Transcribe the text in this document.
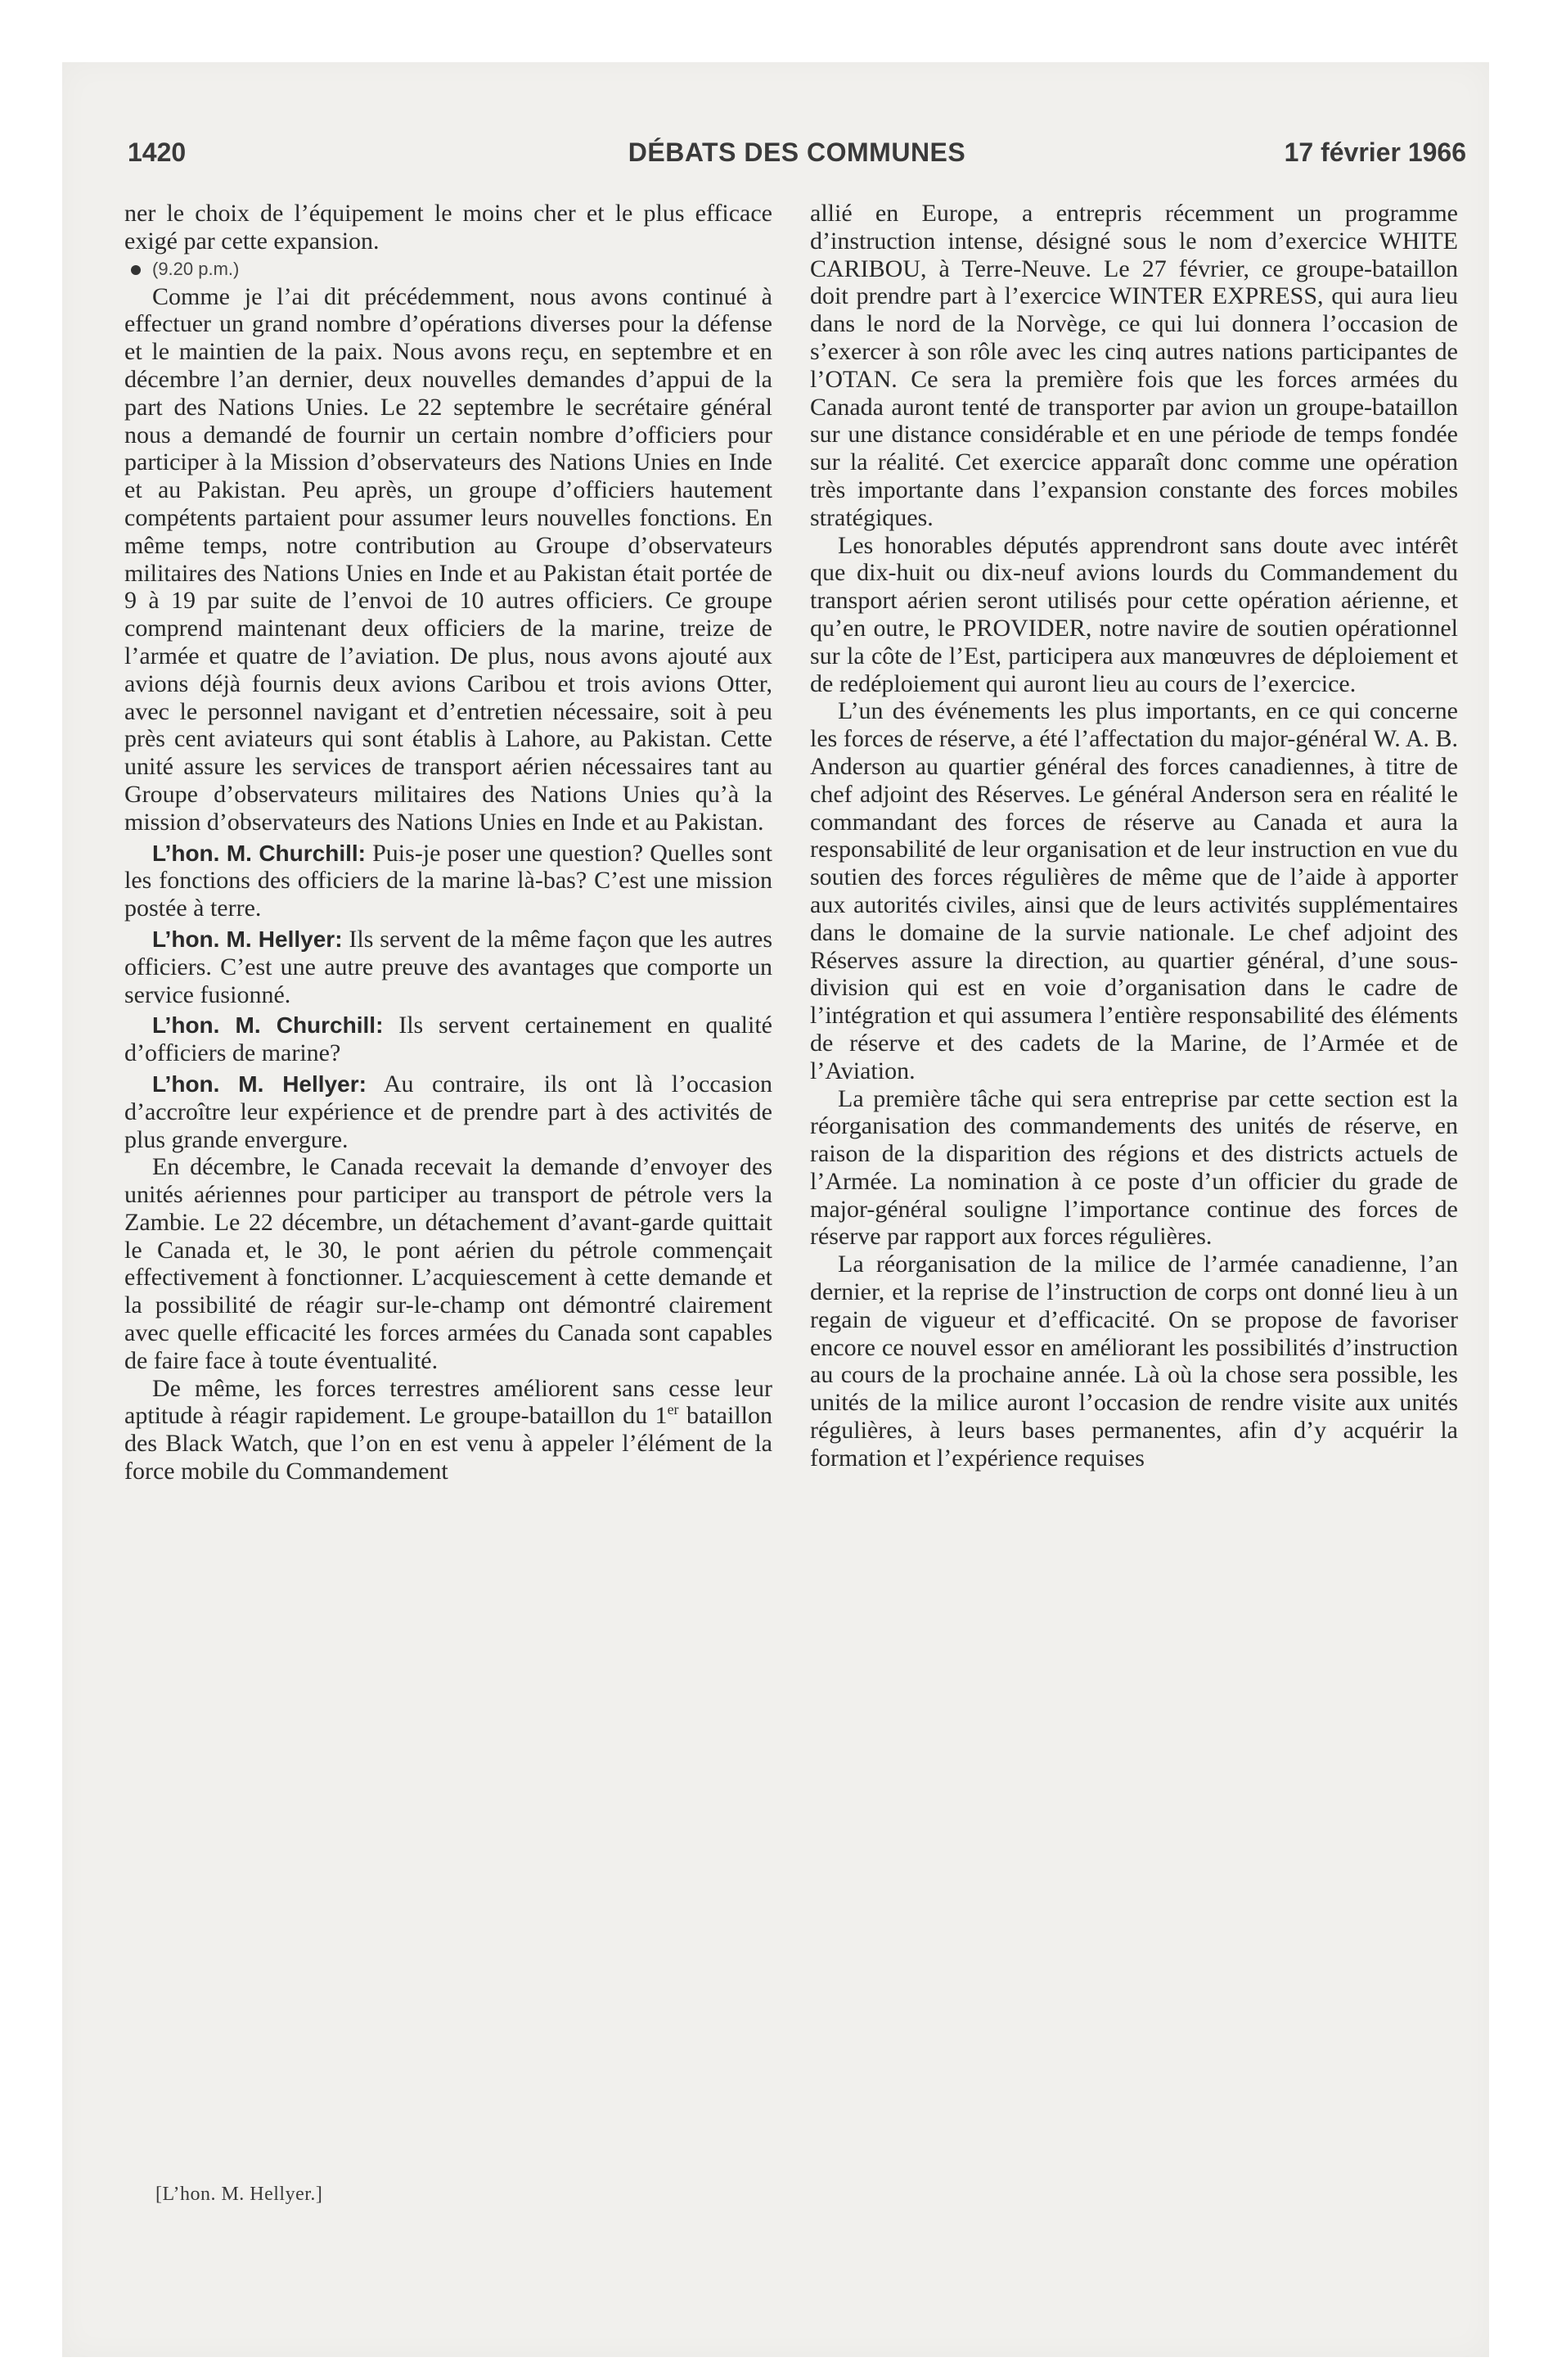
1420	DÉBATS DES COMMUNES	17 février 1966

ner le choix de l’équipement le moins cher et le plus efficace exigé par cette expansion.

(9.20 p.m.)

Comme je l’ai dit précédemment, nous avons continué à effectuer un grand nombre d’opérations diverses pour la défense et le maintien de la paix. Nous avons reçu, en septembre et en décembre l’an dernier, deux nouvelles demandes d’appui de la part des Nations Unies. Le 22 septembre le secrétaire général nous a demandé de fournir un certain nombre d’officiers pour participer à la Mission d’observateurs des Nations Unies en Inde et au Pakistan. Peu après, un groupe d’officiers hautement compétents partaient pour assumer leurs nouvelles fonctions. En même temps, notre contribution au Groupe d’observateurs militaires des Nations Unies en Inde et au Pakistan était portée de 9 à 19 par suite de l’envoi de 10 autres officiers. Ce groupe comprend maintenant deux officiers de la marine, treize de l’armée et quatre de l’aviation. De plus, nous avons ajouté aux avions déjà fournis deux avions Caribou et trois avions Otter, avec le personnel navigant et d’entretien nécessaire, soit à peu près cent aviateurs qui sont établis à Lahore, au Pakistan. Cette unité assure les services de transport aérien nécessaires tant au Groupe d’observateurs militaires des Nations Unies qu’à la mission d’observateurs des Nations Unies en Inde et au Pakistan.

L’hon. M. Churchill: Puis-je poser une question? Quelles sont les fonctions des officiers de la marine là-bas? C’est une mission postée à terre.

L’hon. M. Hellyer: Ils servent de la même façon que les autres officiers. C’est une autre preuve des avantages que comporte un service fusionné.

L’hon. M. Churchill: Ils servent certainement en qualité d’officiers de marine?

L’hon. M. Hellyer: Au contraire, ils ont là l’occasion d’accroître leur expérience et de prendre part à des activités de plus grande envergure.

En décembre, le Canada recevait la demande d’envoyer des unités aériennes pour participer au transport de pétrole vers la Zambie. Le 22 décembre, un détachement d’avant-garde quittait le Canada et, le 30, le pont aérien du pétrole commençait effectivement à fonctionner. L’acquiescement à cette demande et la possibilité de réagir sur-le-champ ont démontré clairement avec quelle efficacité les forces armées du Canada sont capables de faire face à toute éventualité.

De même, les forces terrestres améliorent sans cesse leur aptitude à réagir rapidement. Le groupe-bataillon du 1er bataillon des Black Watch, que l’on en est venu à appeler l’élément de la force mobile du Commandement

allié en Europe, a entrepris récemment un programme d’instruction intense, désigné sous le nom d’exercice WHITE CARIBOU, à Terre-Neuve. Le 27 février, ce groupe-bataillon doit prendre part à l’exercice WINTER EXPRESS, qui aura lieu dans le nord de la Norvège, ce qui lui donnera l’occasion de s’exercer à son rôle avec les cinq autres nations participantes de l’OTAN. Ce sera la première fois que les forces armées du Canada auront tenté de transporter par avion un groupe-bataillon sur une distance considérable et en une période de temps fondée sur la réalité. Cet exercice apparaît donc comme une opération très importante dans l’expansion constante des forces mobiles stratégiques.

Les honorables députés apprendront sans doute avec intérêt que dix-huit ou dix-neuf avions lourds du Commandement du transport aérien seront utilisés pour cette opération aérienne, et qu’en outre, le PROVIDER, notre navire de soutien opérationnel sur la côte de l’Est, participera aux manœuvres de déploiement et de redéploiement qui auront lieu au cours de l’exercice.

L’un des événements les plus importants, en ce qui concerne les forces de réserve, a été l’affectation du major-général W. A. B. Anderson au quartier général des forces canadiennes, à titre de chef adjoint des Réserves. Le général Anderson sera en réalité le commandant des forces de réserve au Canada et aura la responsabilité de leur organisation et de leur instruction en vue du soutien des forces régulières de même que de l’aide à apporter aux autorités civiles, ainsi que de leurs activités supplémentaires dans le domaine de la survie nationale. Le chef adjoint des Réserves assure la direction, au quartier général, d’une sous-division qui est en voie d’organisation dans le cadre de l’intégration et qui assumera l’entière responsabilité des éléments de réserve et des cadets de la Marine, de l’Armée et de l’Aviation.

La première tâche qui sera entreprise par cette section est la réorganisation des commandements des unités de réserve, en raison de la disparition des régions et des districts actuels de l’Armée. La nomination à ce poste d’un officier du grade de major-général souligne l’importance continue des forces de réserve par rapport aux forces régulières.

La réorganisation de la milice de l’armée canadienne, l’an dernier, et la reprise de l’instruction de corps ont donné lieu à un regain de vigueur et d’efficacité. On se propose de favoriser encore ce nouvel essor en améliorant les possibilités d’instruction au cours de la prochaine année. Là où la chose sera possible, les unités de la milice auront l’occasion de rendre visite aux unités régulières, à leurs bases permanentes, afin d’y acquérir la formation et l’expérience requises

[L’hon. M. Hellyer.]
